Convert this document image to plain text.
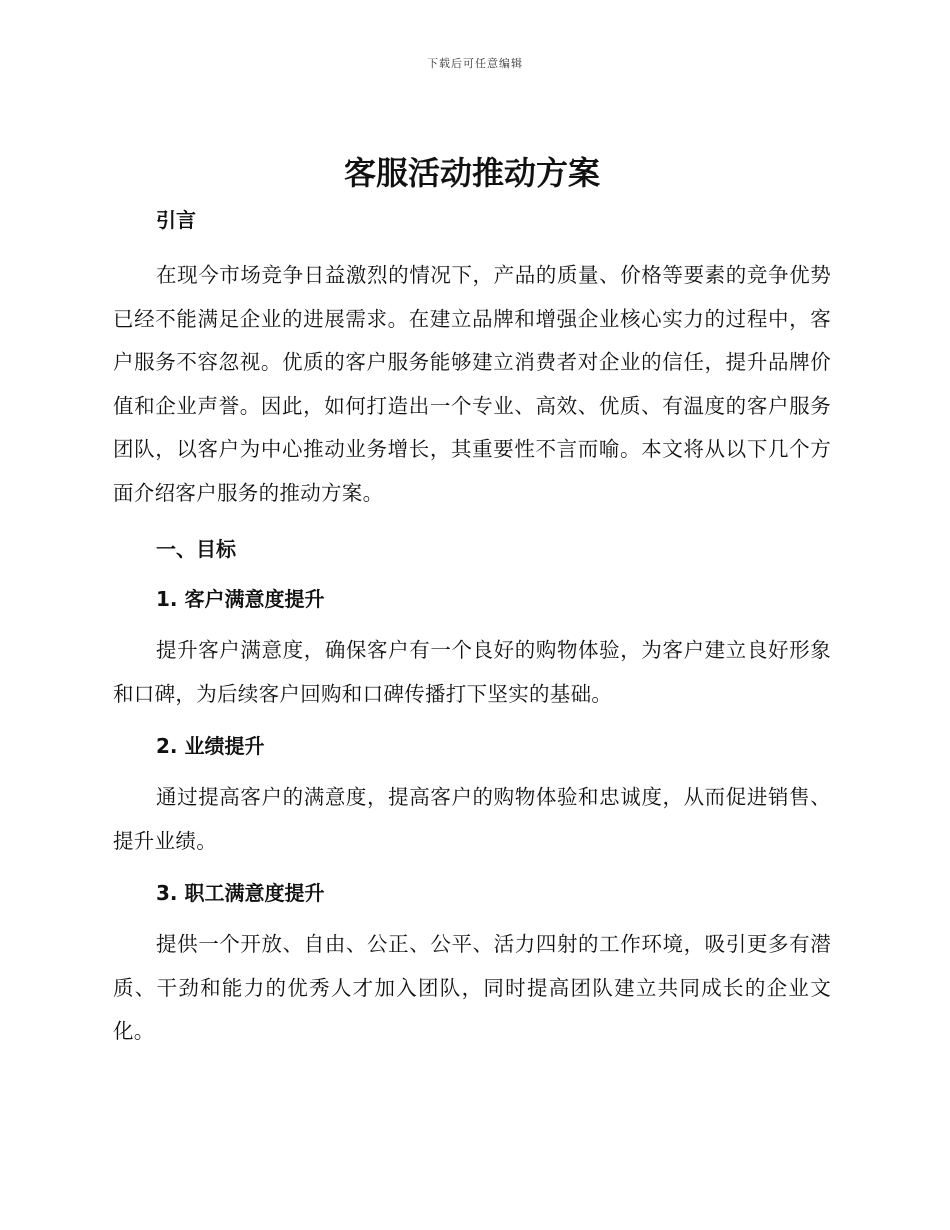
下载后可任意编辑
客服活动推动方案
引言

在现今市场竞争日益激烈的情况下，产品的质量、价格等要素的竞争优势已经不能满足企业的进展需求。在建立品牌和增强企业核心实力的过程中，客户服务不容忽视。优质的客户服务能够建立消费者对企业的信任，提升品牌价值和企业声誉。因此，如何打造出一个专业、高效、优质、有温度的客户服务团队，以客户为中心推动业务增长，其重要性不言而喻。本文将从以下几个方面介绍客户服务的推动方案。

一、目标
1. 客户满意度提升

提升客户满意度，确保客户有一个良好的购物体验，为客户建立良好形象和口碑，为后续客户回购和口碑传播打下坚实的基础。

2. 业绩提升

通过提高客户的满意度，提高客户的购物体验和忠诚度，从而促进销售、提升业绩。

3. 职工满意度提升

提供一个开放、自由、公正、公平、活力四射的工作环境，吸引更多有潜质、干劲和能力的优秀人才加入团队，同时提高团队建立共同成长的企业文化。
